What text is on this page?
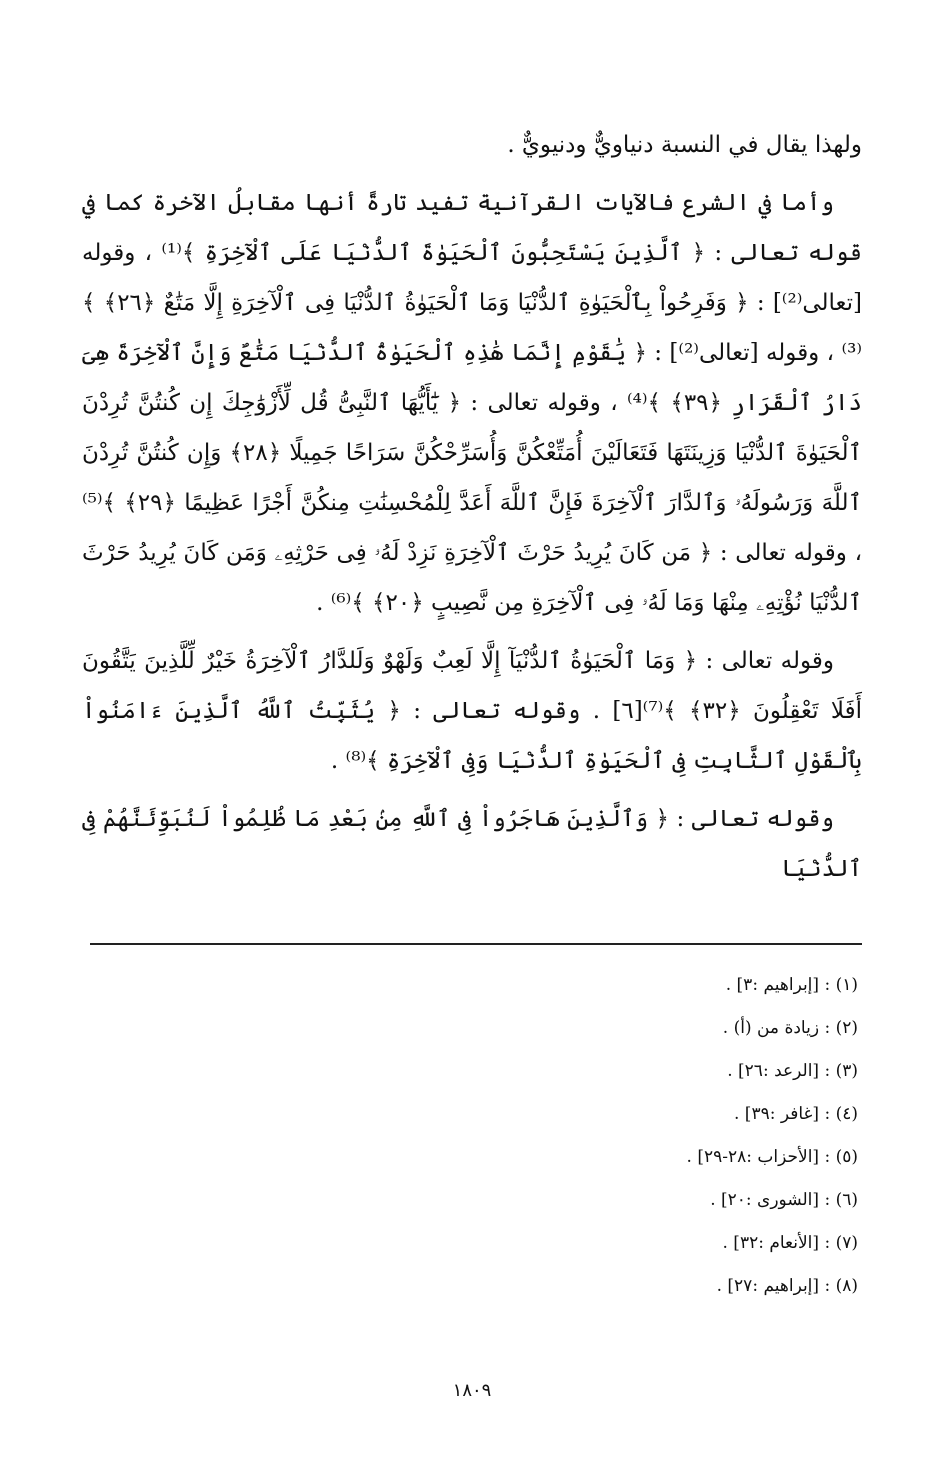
ولهذا يقال في النسبة دنياويٌّ ودنيويٌّ .

وأما في الشرع فالآيات القرآنية تفيد تارةً أنها مقابلُ الآخرة كما في قوله تعالى : ﴿ ٱلَّذِينَ يَسْتَحِبُّونَ ٱلْحَيَوٰةَ ٱلدُّنْيَا عَلَى ٱلْآخِرَةِ ﴾⁽¹⁾ ، وقوله [تعالى⁽²⁾] : ﴿ وَفَرِحُواْ بِٱلْحَيَوٰةِ ٱلدُّنْيَا وَمَا ٱلْحَيَوٰةُ ٱلدُّنْيَا فِى ٱلْآخِرَةِ إِلَّا مَتَٰعٌ ﴿٢٦﴾ ﴾⁽³⁾ ، وقوله [تعالى⁽²⁾] : ﴿ يَٰقَوْمِ إِنَّمَا هَٰذِهِ ٱلْحَيَوٰةُ ٱلدُّنْيَا مَتَٰعٌ وَإِنَّ ٱلْآخِرَةَ هِىَ دَارُ ٱلْقَرَارِ ﴿٣٩﴾ ﴾⁽⁴⁾ ، وقوله تعالى : ﴿ يَٰٓأَيُّهَا ٱلنَّبِىُّ قُل لِّأَزْوَٰجِكَ إِن كُنتُنَّ تُرِدْنَ ٱلْحَيَوٰةَ ٱلدُّنْيَا وَزِينَتَهَا فَتَعَالَيْنَ أُمَتِّعْكُنَّ وَأُسَرِّحْكُنَّ سَرَاحًا جَمِيلًا ﴿٢٨﴾ وَإِن كُنتُنَّ تُرِدْنَ ٱللَّهَ وَرَسُولَهُۥ وَٱلدَّارَ ٱلْآخِرَةَ فَإِنَّ ٱللَّهَ أَعَدَّ لِلْمُحْسِنَٰتِ مِنكُنَّ أَجْرًا عَظِيمًا ﴿٢٩﴾ ﴾⁽⁵⁾ ، وقوله تعالى : ﴿ مَن كَانَ يُرِيدُ حَرْثَ ٱلْآخِرَةِ نَزِدْ لَهُۥ فِى حَرْثِهِۦ وَمَن كَانَ يُرِيدُ حَرْثَ ٱلدُّنْيَا نُؤْتِهِۦ مِنْهَا وَمَا لَهُۥ فِى ٱلْآخِرَةِ مِن نَّصِيبٍ ﴿٢٠﴾ ﴾⁽⁶⁾ .

وقوله تعالى : ﴿ وَمَا ٱلْحَيَوٰةُ ٱلدُّنْيَآ إِلَّا لَعِبٌ وَلَهْوٌ وَلَلدَّارُ ٱلْآخِرَةُ خَيْرٌ لِّلَّذِينَ يَتَّقُونَ أَفَلَا تَعْقِلُونَ ﴿٣٢﴾ ﴾⁽⁷⁾[٦] . وقوله تعالى : ﴿ يُثَبِّتُ ٱللَّهُ ٱلَّذِينَ ءَامَنُواْ بِٱلْقَوْلِ ٱلثَّابِتِ فِى ٱلْحَيَوٰةِ ٱلدُّنْيَا وَفِى ٱلْآخِرَةِ ﴾⁽⁸⁾ .

وقوله تعالى : ﴿ وَٱلَّذِينَ هَاجَرُواْ فِى ٱللَّهِ مِنۢ بَعْدِ مَا ظُلِمُواْ لَنُبَوِّئَنَّهُمْ فِى ٱلدُّنْيَا

(١) : [إبراهيم :٣] .

(٢) : زيادة من (أ) .

(٣) : [الرعد :٢٦] .

(٤) : [غافر :٣٩] .

(٥) : [الأحزاب :٢٨-٢٩] .

(٦) : [الشورى :٢٠] .

(٧) : [الأنعام :٣٢] .

(٨) : [إبراهيم :٢٧] .

١٨٠٩
